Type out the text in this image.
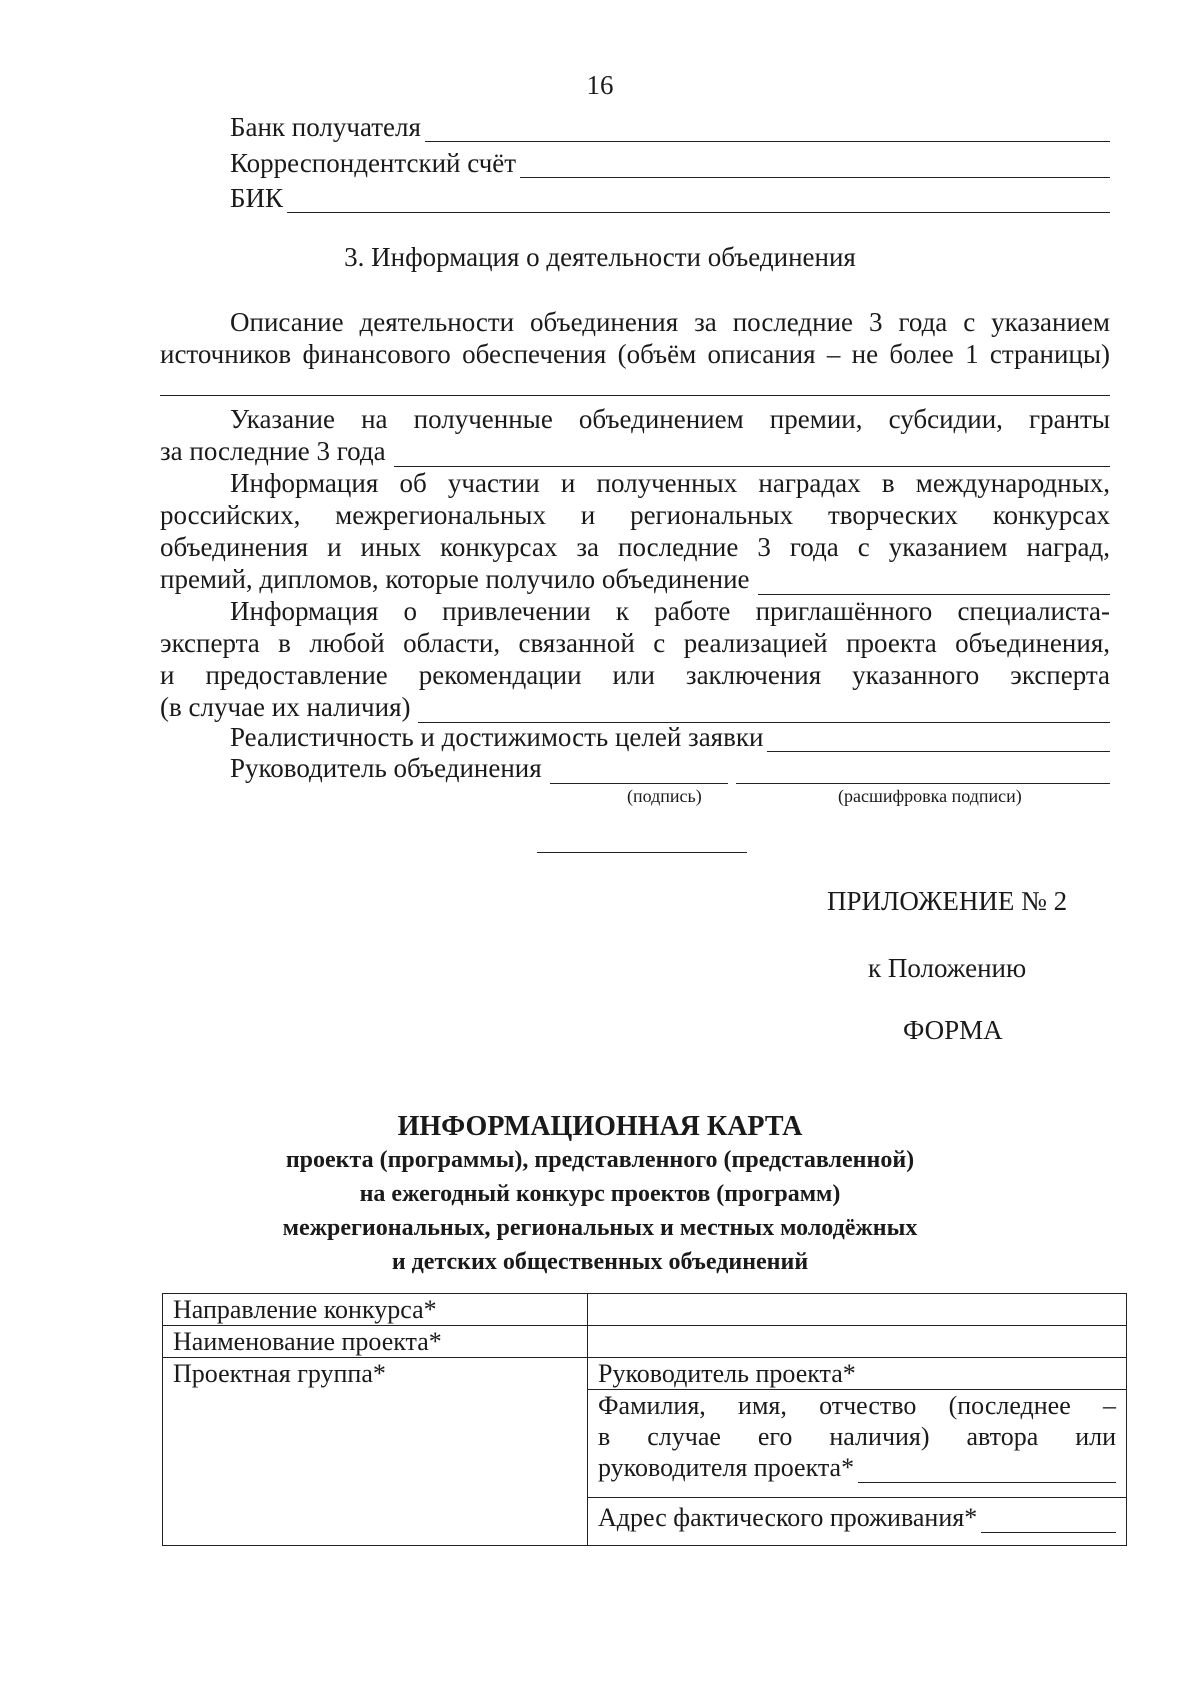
16
Банк получателя
Корреспондентский счёт
БИК
3. Информация о деятельности объединения
Описание деятельности объединения за последние 3 года с указанием
источников финансового обеспечения (объём описания – не более 1 страницы)
Указание на полученные объединением премии, субсидии, гранты
за последние 3 года
Информация об участии и полученных наградах в международных,
российских, межрегиональных и региональных творческих конкурсах
объединения и иных конкурсах за последние 3 года с указанием наград,
премий, дипломов, которые получило объединение
Информация о привлечении к работе приглашённого специалиста-
эксперта в любой области, связанной с реализацией проекта объединения,
и предоставление рекомендации или заключения указанного эксперта
(в случае их наличия)
Реалистичность и достижимость целей заявки
Руководитель объединения
(подпись)	(расшифровка подписи)
ПРИЛОЖЕНИЕ № 2
к Положению
ФОРМА
ИНФОРМАЦИОННАЯ КАРТА
проекта (программы), представленного (представленной)
на ежегодный конкурс проектов (программ)
межрегиональных, региональных и местных молодёжных
и детских общественных объединений
Направление конкурса*	
Наименование проекта*	
Проектная группа*	Руководитель проекта*

	Фамилия, имя, отчество (последнее –
в случае его наличия) автора или
руководителя проекта*

	Адрес фактического проживания*
